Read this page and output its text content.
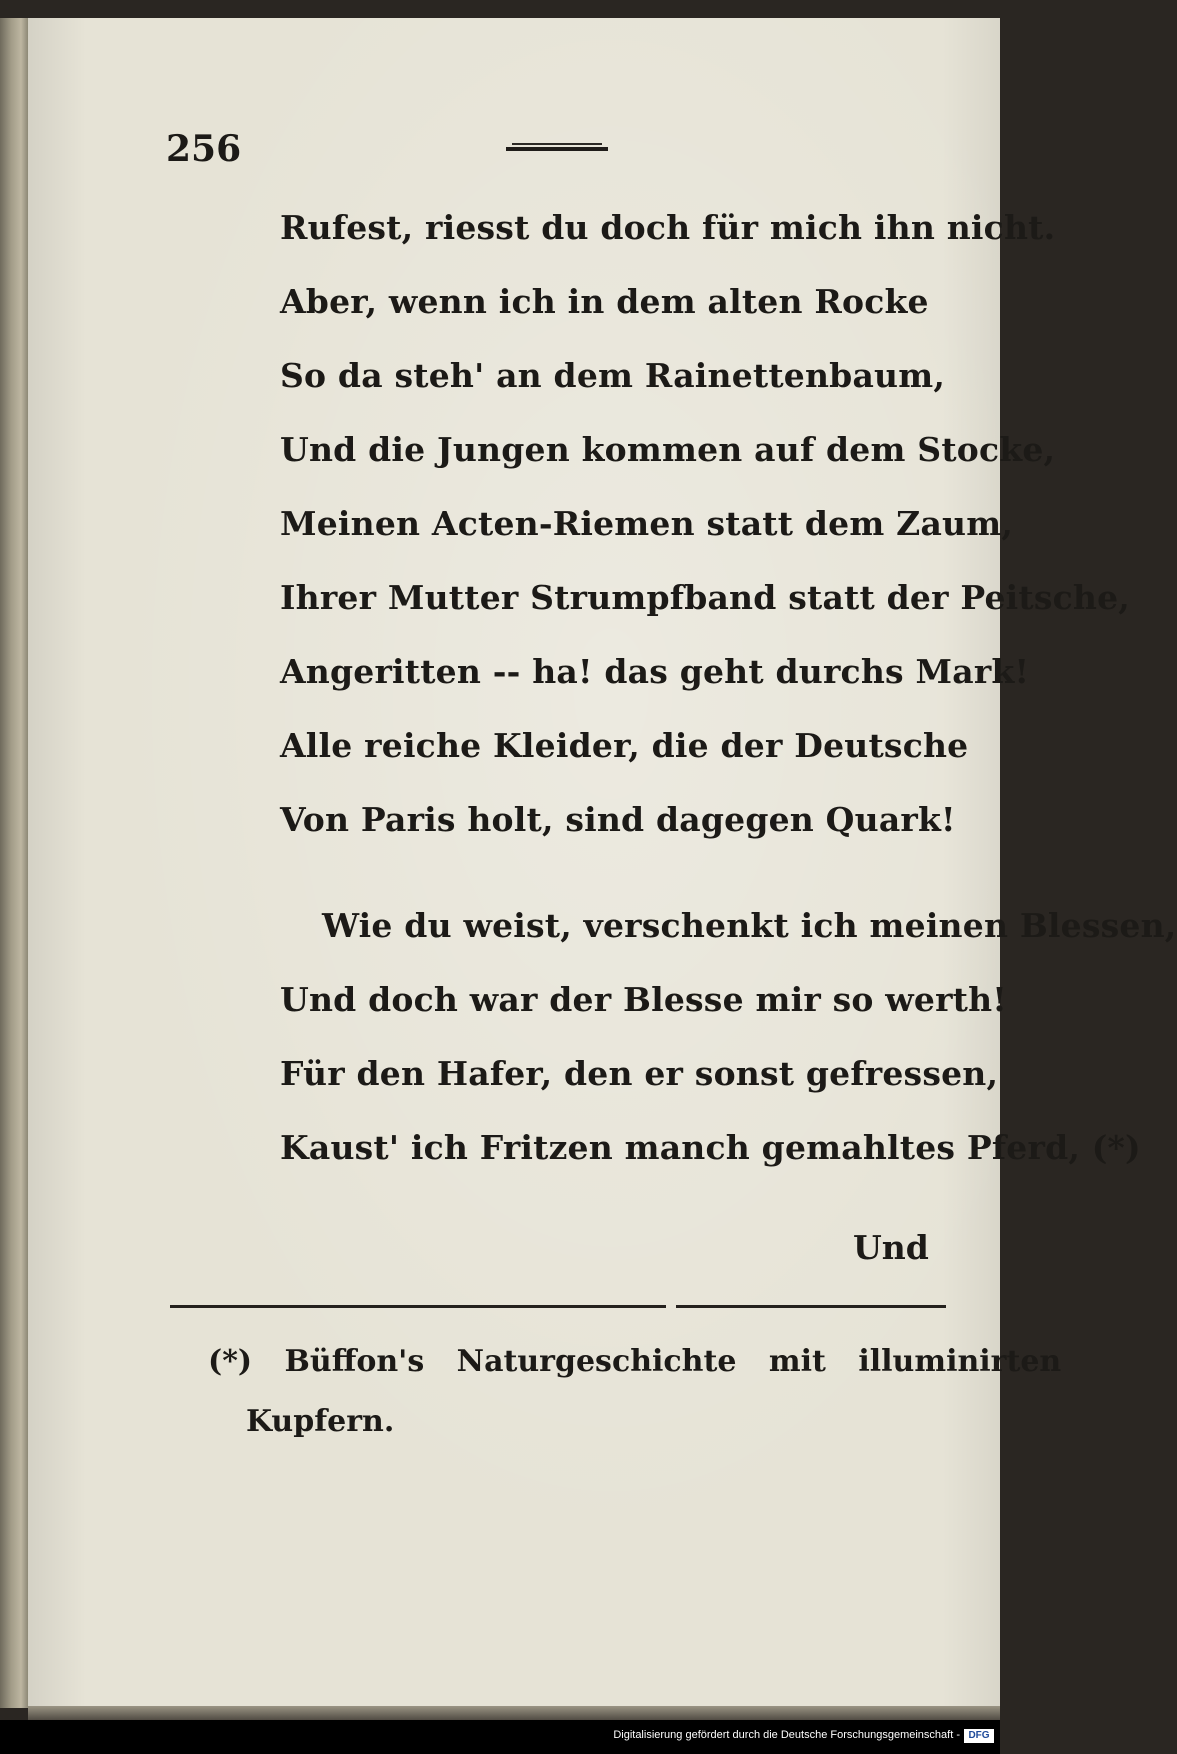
256
Rufest, riesst du doch für mich ihn nicht.
Aber, wenn ich in dem alten Rocke
So da steh' an dem Rainettenbaum,
Und die Jungen kommen auf dem Stocke,
Meinen Acten-Riemen statt dem Zaum,
Ihrer Mutter Strumpfband statt der Peitsche,
Angeritten -- ha! das geht durchs Mark!
Alle reiche Kleider, die der Deutsche
Von Paris holt, sind dagegen Quark!
Wie du weist, verschenkt ich meinen Blessen,
Und doch war der Blesse mir so werth!
Für den Hafer, den er sonst gefressen,
Kaust' ich Fritzen manch gemahltes Pferd, (*)
Und
(*) Büffon's Naturgeschichte mit illuminirten
Kupfern.
Digitalisierung gefördert durch die Deutsche Forschungsgemeinschaft - DFG
